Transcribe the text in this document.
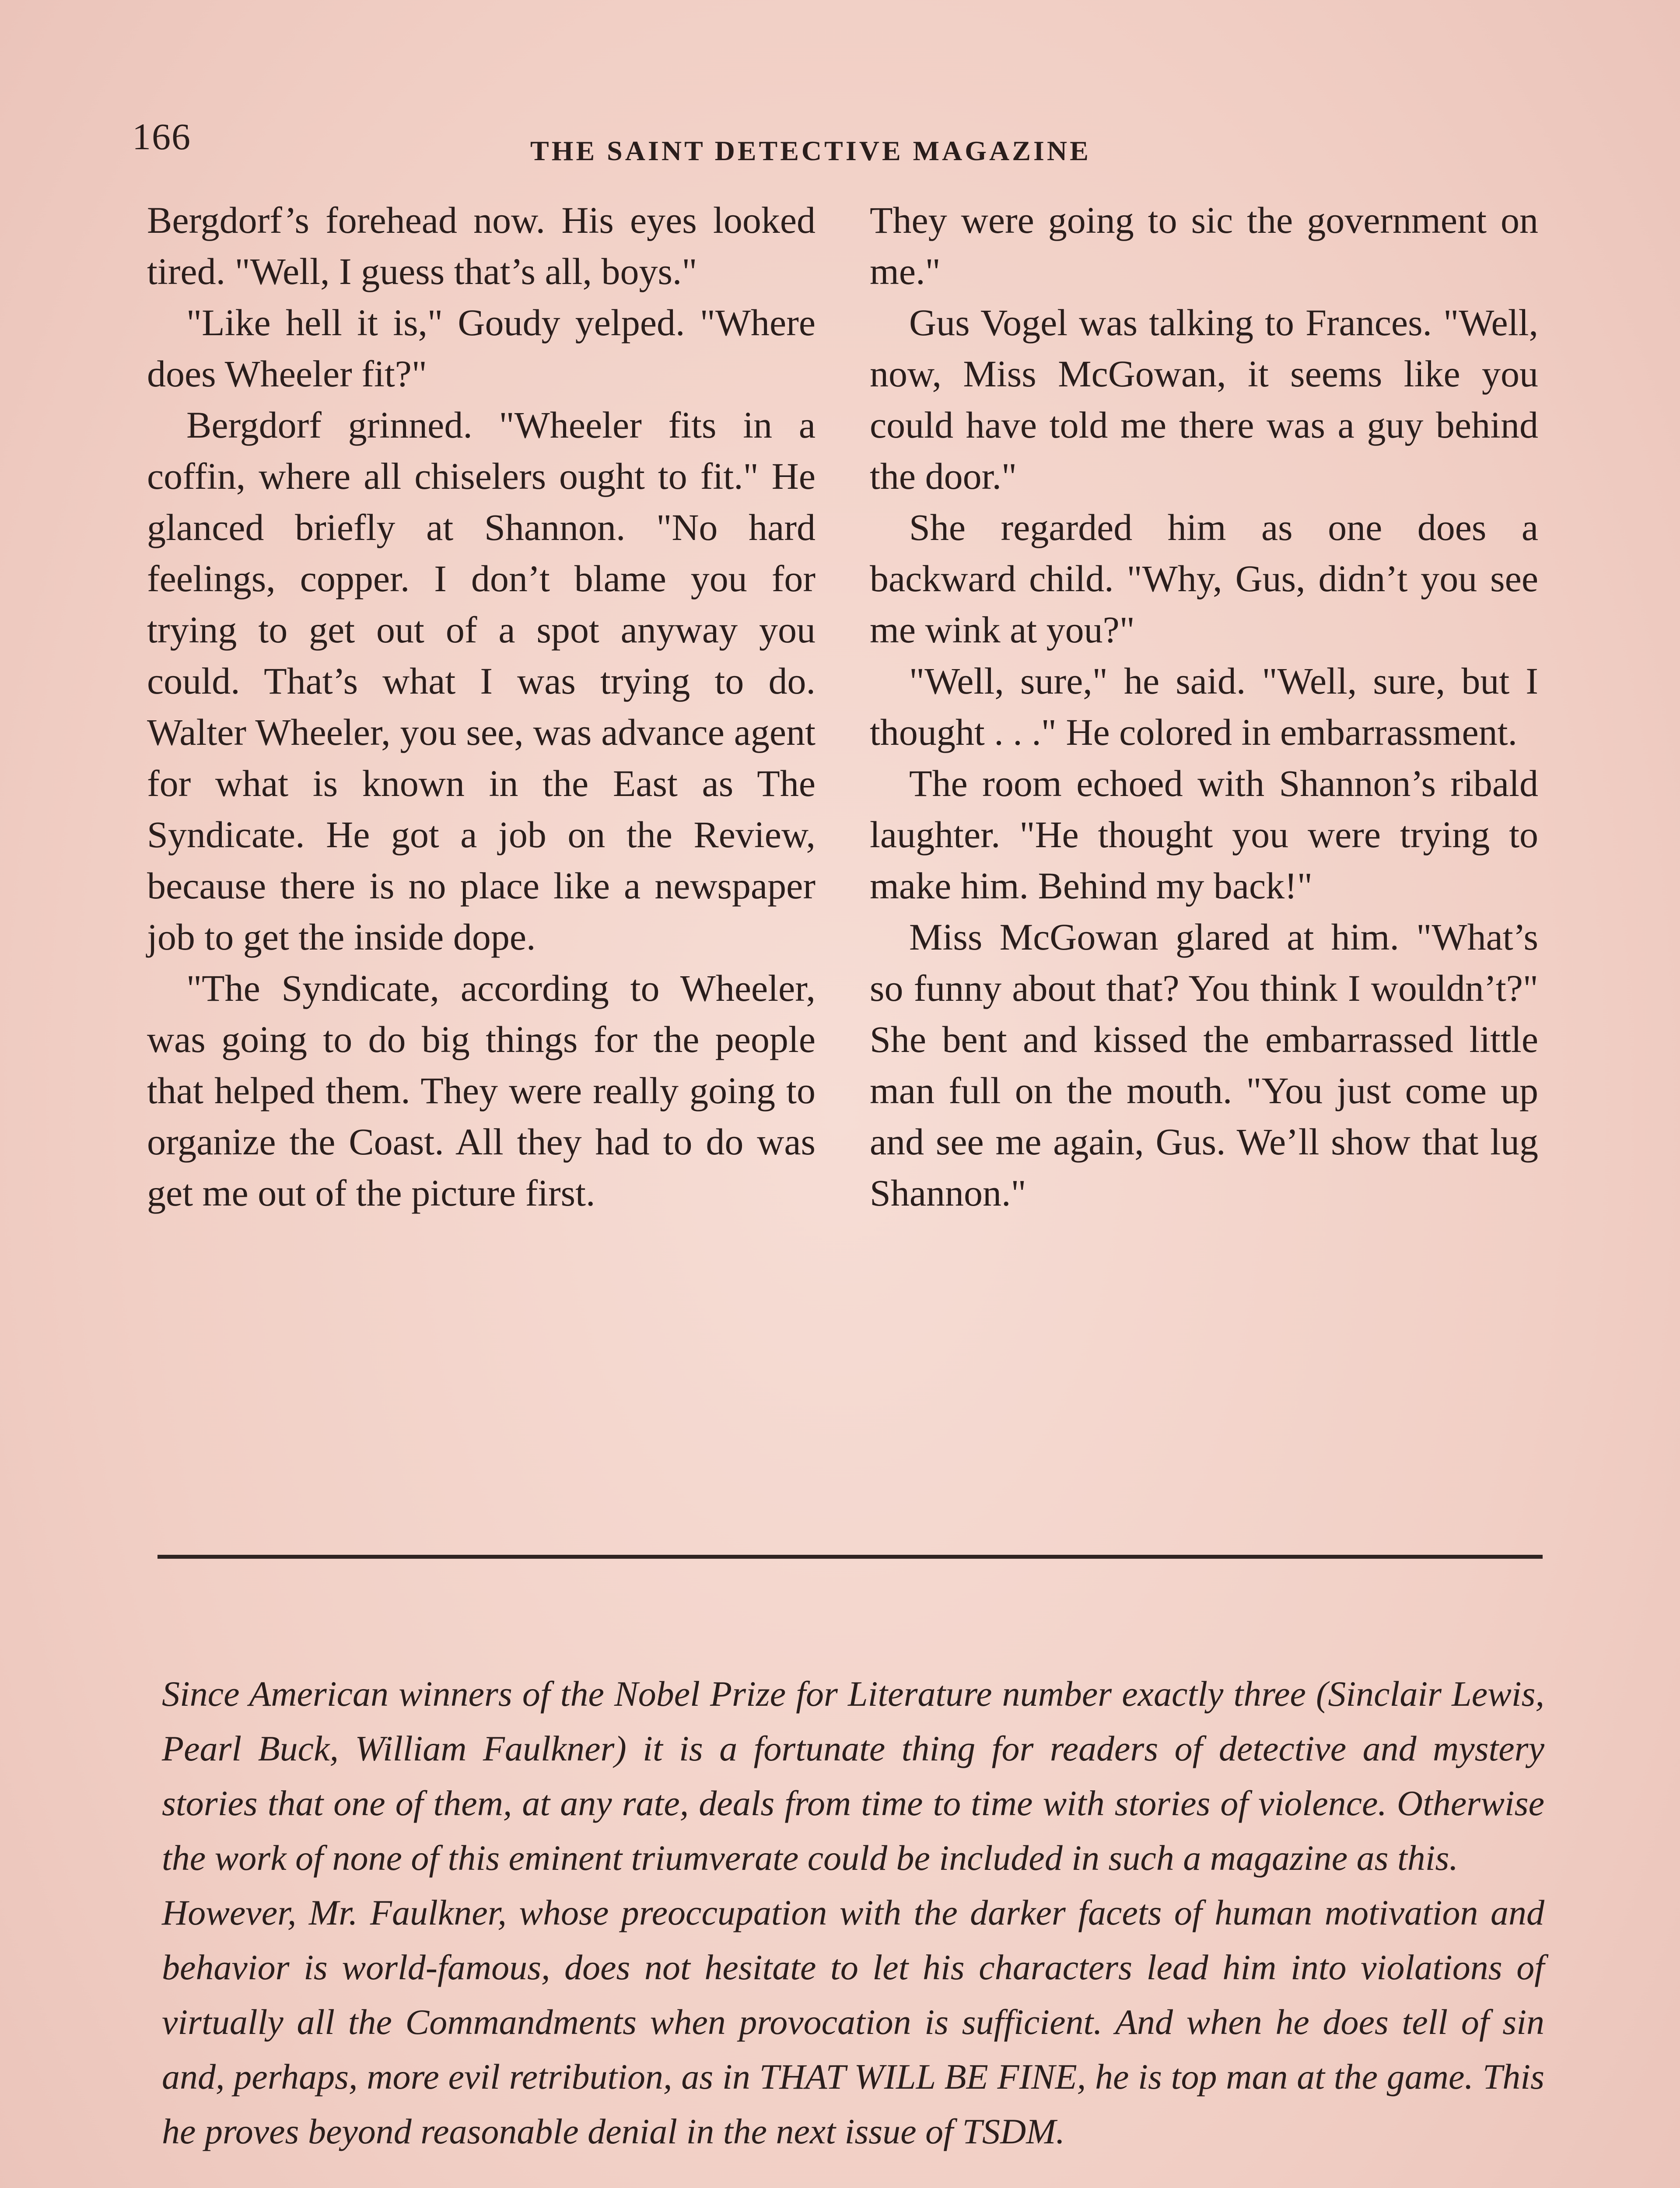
166	THE SAINT DETECTIVE MAGAZINE

Bergdorf’s forehead now. His eyes looked tired. "Well, I guess that’s all, boys."

"Like hell it is," Goudy yelped. "Where does Wheeler fit?"

Bergdorf grinned. "Wheeler fits in a coffin, where all chiselers ought to fit." He glanced briefly at Shannon. "No hard feelings, copper. I don’t blame you for trying to get out of a spot anyway you could. That’s what I was trying to do. Walter Wheeler, you see, was advance agent for what is known in the East as The Syndicate. He got a job on the Review, because there is no place like a newspaper job to get the inside dope.

"The Syndicate, according to Wheeler, was going to do big things for the people that helped them. They were really going to organize the Coast. All they had to do was get me out of the picture first.

They were going to sic the government on me."

Gus Vogel was talking to Frances. "Well, now, Miss McGowan, it seems like you could have told me there was a guy behind the door."

She regarded him as one does a backward child. "Why, Gus, didn’t you see me wink at you?"

"Well, sure," he said. "Well, sure, but I thought . . ." He colored in embarrassment.

The room echoed with Shannon’s ribald laughter. "He thought you were trying to make him. Behind my back!"

Miss McGowan glared at him. "What’s so funny about that? You think I wouldn’t?" She bent and kissed the embarrassed little man full on the mouth. "You just come up and see me again, Gus. We’ll show that lug Shannon."

Since American winners of the Nobel Prize for Literature number exactly three (Sinclair Lewis, Pearl Buck, William Faulkner) it is a fortunate thing for readers of detective and mystery stories that one of them, at any rate, deals from time to time with stories of violence. Otherwise the work of none of this eminent triumverate could be included in such a magazine as this.

However, Mr. Faulkner, whose preoccupation with the darker facets of human motivation and behavior is world-famous, does not hesitate to let his characters lead him into violations of virtually all the Commandments when provocation is sufficient. And when he does tell of sin and, perhaps, more evil retribution, as in THAT WILL BE FINE, he is top man at the game. This he proves beyond reasonable denial in the next issue of TSDM.
